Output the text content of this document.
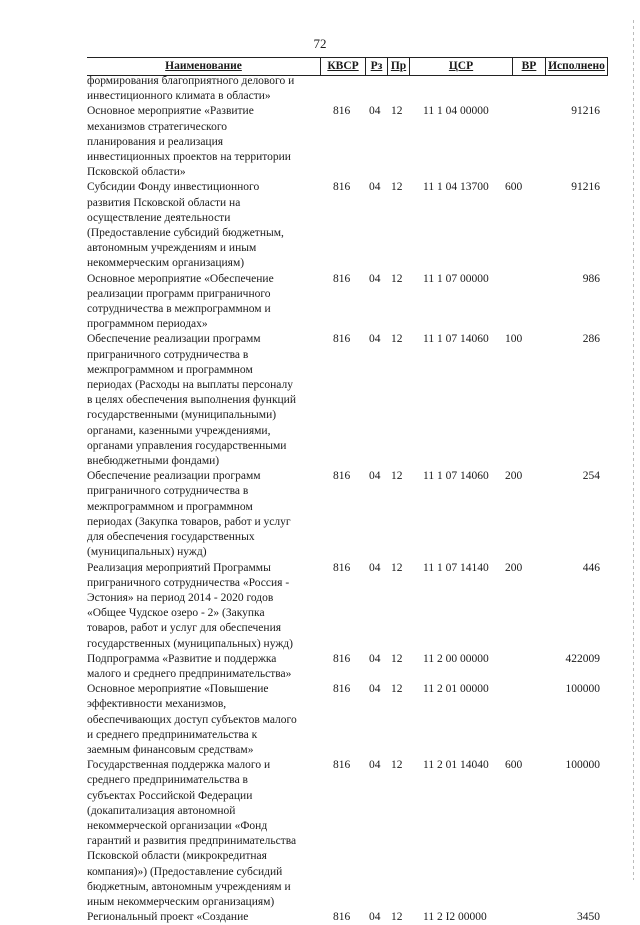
72
Наименование	КВСР	Рз Пр	ЦСР	ВР	Исполнено
формирования благоприятного делового и
инвестиционного климата в области»
Основное мероприятие «Развитие
механизмов стратегического
планирования и реализация
инвестиционных проектов на территории
Псковской области»
816 04 12 11 1 04 00000	91216
Субсидии Фонду инвестиционного
развития Псковской области на
осуществление деятельности
(Предоставление субсидий бюджетным,
автономным учреждениям и иным
некоммерческим организациям)
816 04 12 11 1 04 13700 600	91216
Основное мероприятие «Обеспечение
реализации программ приграничного
сотрудничества в межпрограммном и
программном периодах»
816 04 12 11 1 07 00000	986
Обеспечение реализации программ
приграничного сотрудничества в
межпрограммном и программном
периодах (Расходы на выплаты персоналу
в целях обеспечения выполнения функций
государственными (муниципальными)
органами, казенными учреждениями,
органами управления государственными
внебюджетными фондами)
816 04 12 11 1 07 14060 100	286
Обеспечение реализации программ
приграничного сотрудничества в
межпрограммном и программном
периодах (Закупка товаров, работ и услуг
для обеспечения государственных
(муниципальных) нужд)
816 04 12 11 1 07 14060 200	254
Реализация мероприятий Программы
приграничного сотрудничества «Россия -
Эстония» на период 2014 - 2020 годов
«Общее Чудское озеро - 2» (Закупка
товаров, работ и услуг для обеспечения
государственных (муниципальных) нужд)
816 04 12 11 1 07 14140 200	446
Подпрограмма «Развитие и поддержка
малого и среднего предпринимательства»
816 04 12 11 2 00 00000	422009
Основное мероприятие «Повышение
эффективности механизмов,
обеспечивающих доступ субъектов малого
и среднего предпринимательства к
заемным финансовым средствам»
816 04 12 11 2 01 00000	100000
Государственная поддержка малого и
среднего предпринимательства в
субъектах Российской Федерации
(докапитализация автономной
некоммерческой организации «Фонд
гарантий и развития предпринимательства
Псковской области (микрокредитная
компания)») (Предоставление субсидий
бюджетным, автономным учреждениям и
иным некоммерческим организациям)
816 04 12 11 2 01 14040 600	100000
Региональный проект «Создание	816 04 12 11 2 I2 00000	3450
